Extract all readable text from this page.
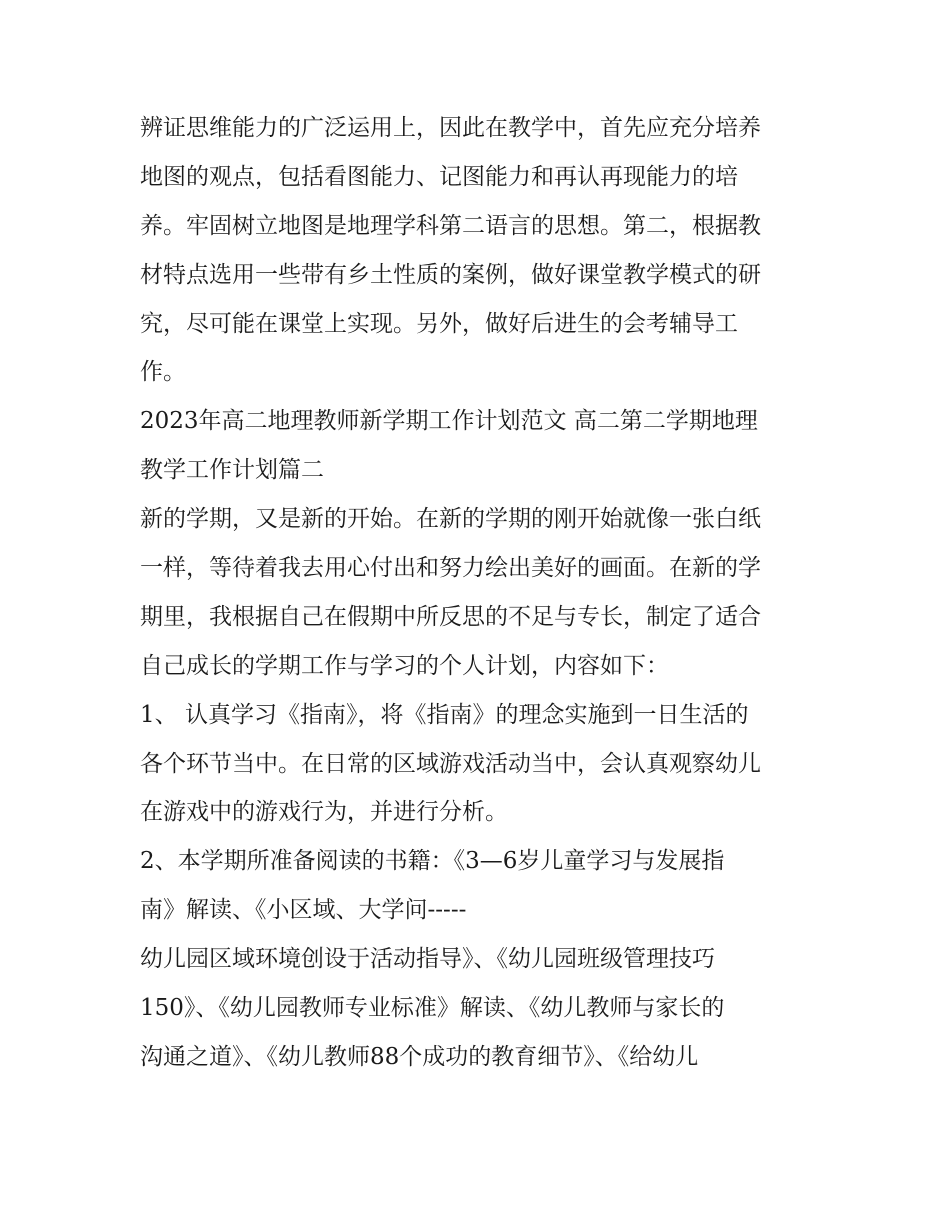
辨证思维能力的广泛运用上，因此在教学中，首先应充分培养
地图的观点，包括看图能力、记图能力和再认再现能力的培
养。牢固树立地图是地理学科第二语言的思想。第二，根据教
材特点选用一些带有乡土性质的案例，做好课堂教学模式的研
究，尽可能在课堂上实现。另外，做好后进生的会考辅导工
作。
2023年高二地理教师新学期工作计划范文 高二第二学期地理
教学工作计划篇二
新的学期，又是新的开始。在新的学期的刚开始就像一张白纸
一样，等待着我去用心付出和努力绘出美好的画面。在新的学
期里，我根据自己在假期中所反思的不足与专长，制定了适合
自己成长的学期工作与学习的个人计划，内容如下：
1、 认真学习《指南》，将《指南》的理念实施到一日生活的
各个环节当中。在日常的区域游戏活动当中，会认真观察幼儿
在游戏中的游戏行为，并进行分析。
2、本学期所准备阅读的书籍：《3—6岁儿童学习与发展指
南》解读、《小区域、大学问-----
幼儿园区域环境创设于活动指导》、《幼儿园班级管理技巧
150》、《幼儿园教师专业标准》解读、《幼儿教师与家长的
沟通之道》、《幼儿教师88个成功的教育细节》、《给幼儿
